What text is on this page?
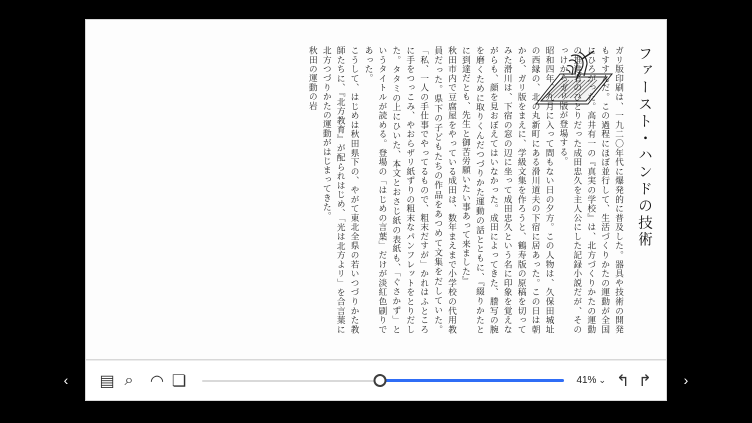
ファースト・ハンドの技術

ガリ版印刷は、一九二〇年代に爆発的に普及した。器具や技術の開発もすすんだ。この過程にほぼ並行して、生活づくりかたの運動が全国にひろがった。高井有一の『真実の学校』は、北方づくりかたの運動の推進者のひとりだった成田忠久を主人公にした記録小説だが、そのっけからガリ版が登場する。

昭和四年、九月に入って間もない日の夕方。この人物は、久保田城址の西縁の、北の丸新町にある滑川道夫の下宿に居あった。この日は朝から、ガリ版をまえに、学級文集を作ろうと、鶴寿版の原稿を切ってみた滑川は、下宿の窓の辺に坐って成田忠久という名に印象を覚えながらも、顔を見おぼえてはいなかった。成田によってきた、謄写の腕を磨くために取りくんだつづりかた運動の話とともに、『綴りかたとに到達だとも、先生と御苦労願いたい事あって来ました』

秋田市内で豆腐屋をやっている成田は、数年まえまで小学校の代用教員だった。県下の子どもたちの作品をあつめて文集をだしていた。「私、一人の手仕事でやってるもので、粗末だすが」かれはふところに手をつっこみ、やおらザリ紙ずりの粗末なパンフレットをとりだした。タタミの上にひいた、本文とおさじ紙の表紙も、「ぐさかず」というタイトルが読める。登場の「はじめの言葉」だけが淡紅色刷りであった。

こうして、はじめは秋田県下の、やがて東北全県の若いつづりかた教師たちに、『北方教育』が配られはじめ、「光は北方よリ」を合言葉に北方つづりかたの運動がはじまってきた。

秋田の運動の岩

▤ ⌕	◠ ❏	41% ⌄ ↰ ↱
‹	›
